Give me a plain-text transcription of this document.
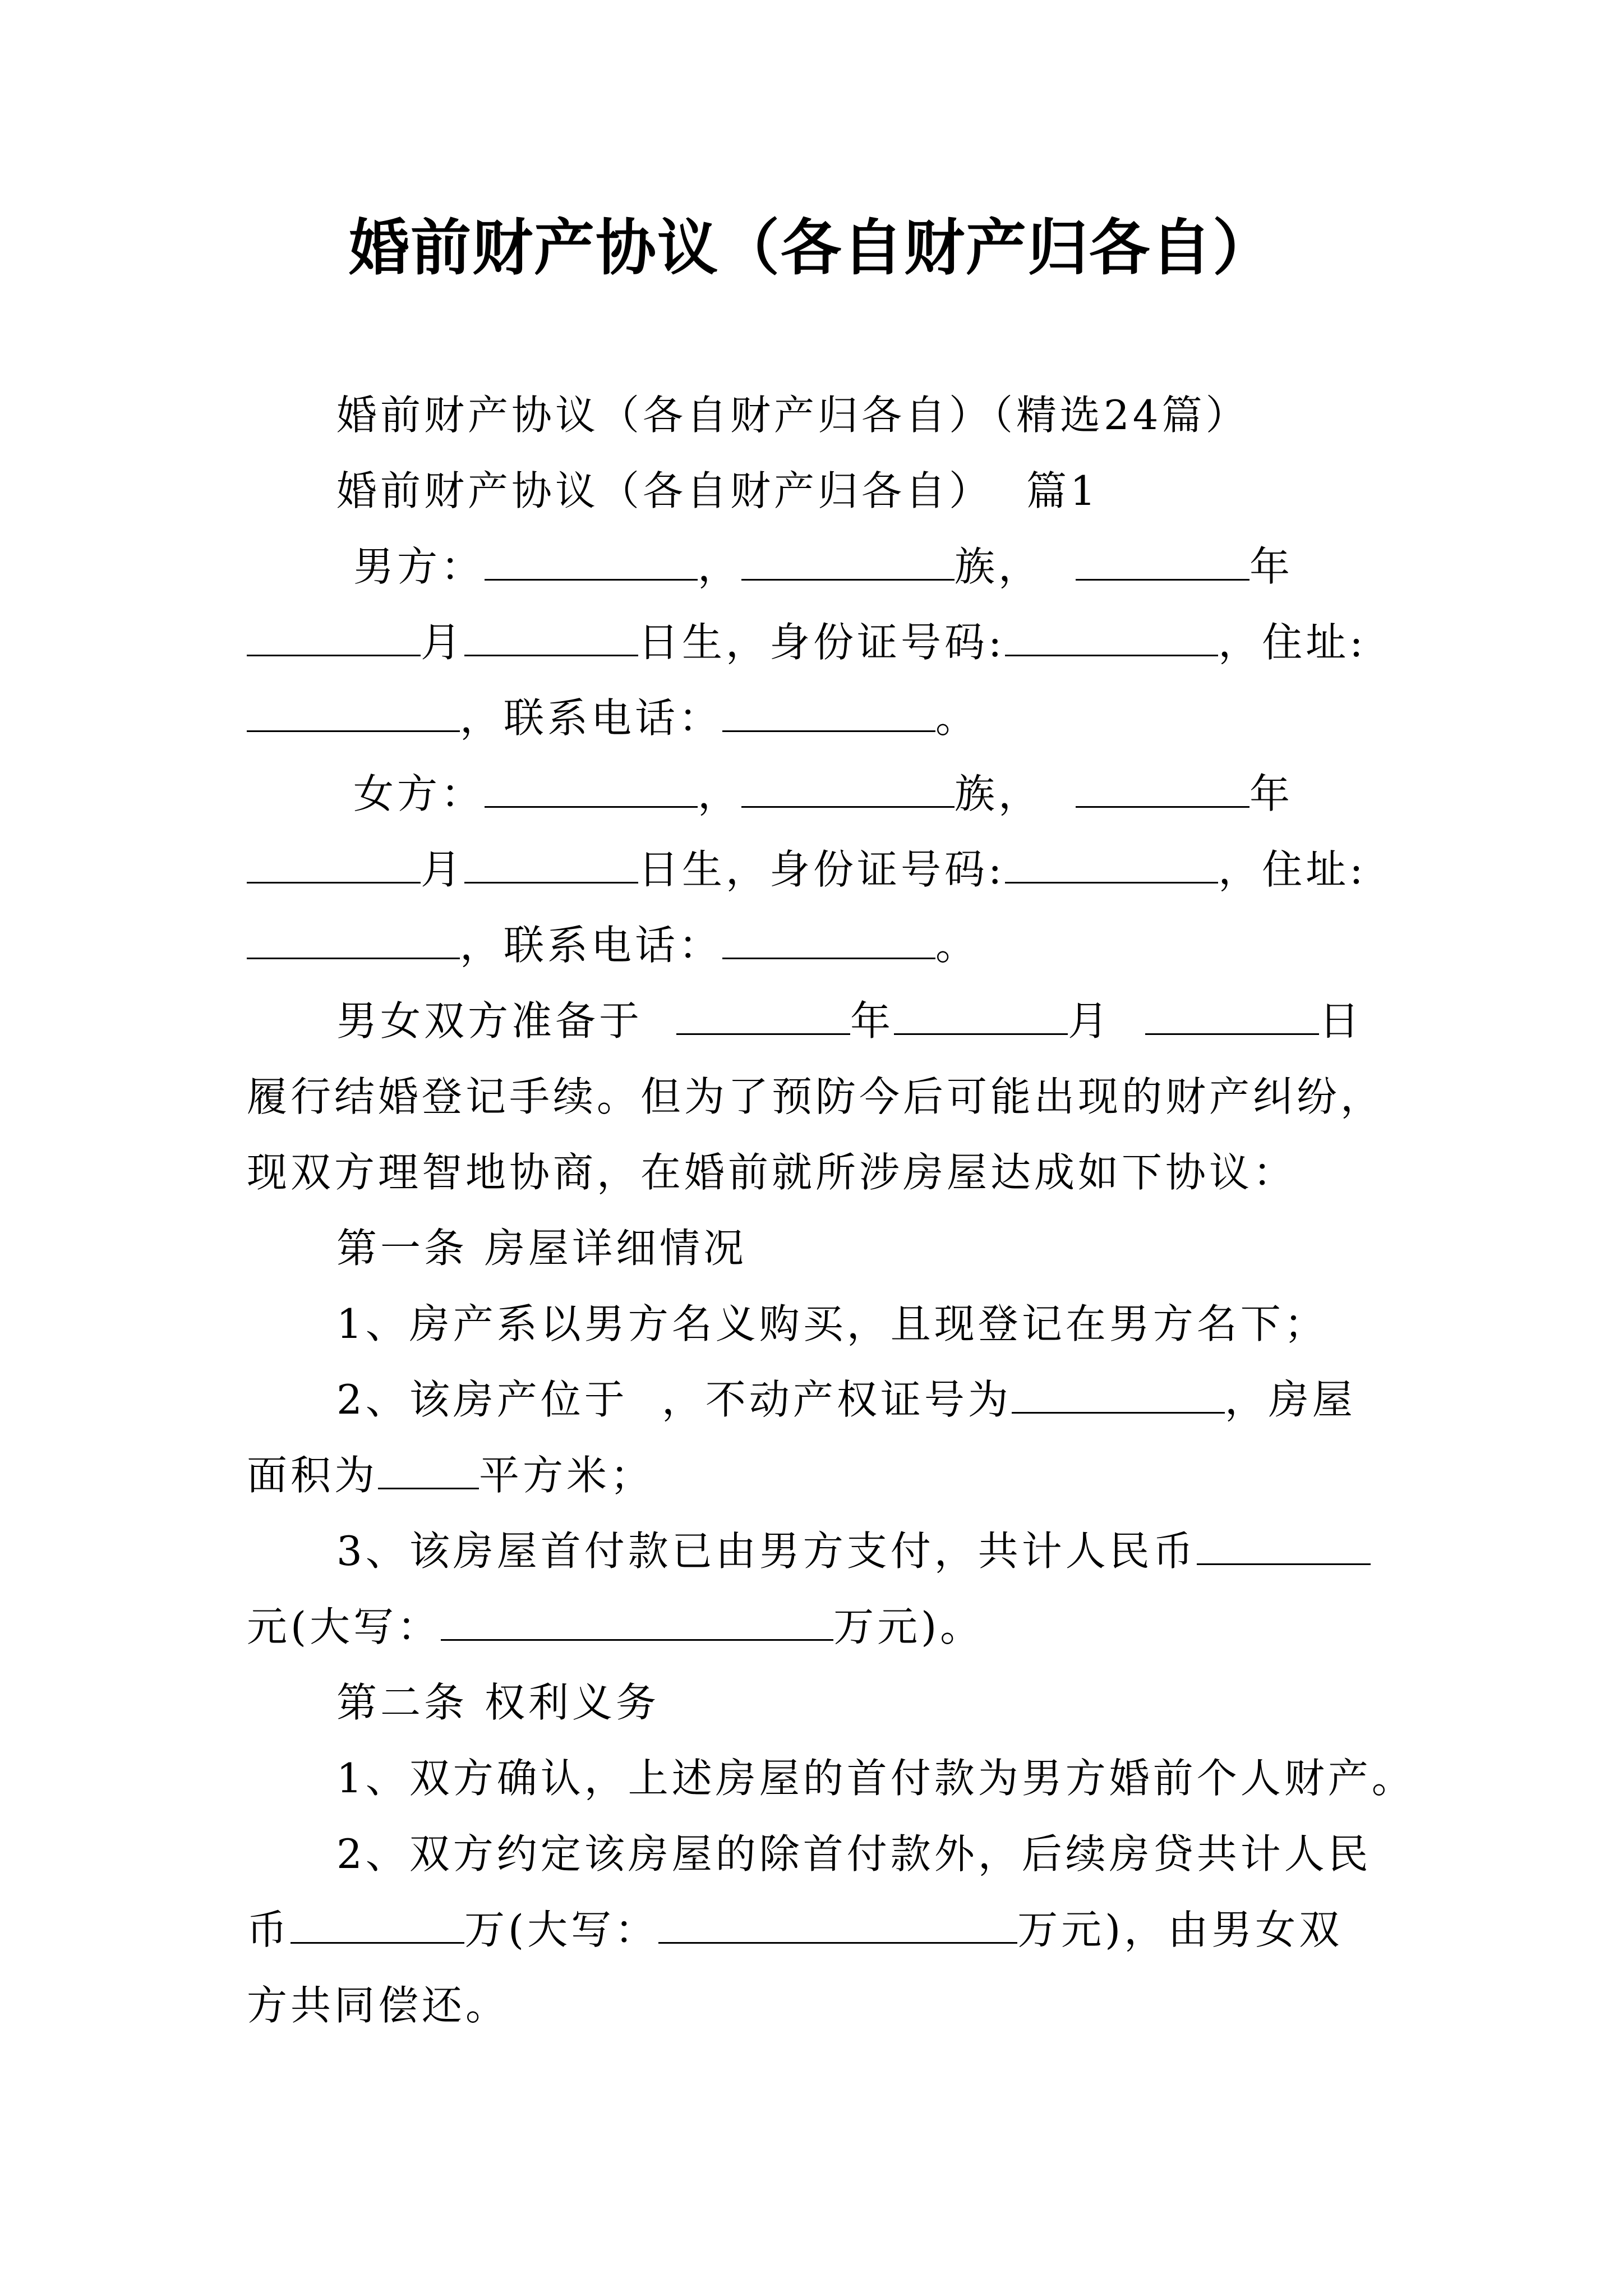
婚前财产协议（各自财产归各自）
婚前财产协议（各自财产归各自）（精选24篇）
婚前财产协议（各自财产归各自） 篇1
男方：	，	族，	年
月	日生，身份证号码:	，住址:
，联系电话：	。
女方：	，	族，	年
月	日生，身份证号码:	，住址:
，联系电话：	。
男女双方准备于	年	月	日
履行结婚登记手续。但为了预防今后可能出现的财产纠纷，
现双方理智地协商，在婚前就所涉房屋达成如下协议：
第一条 房屋详细情况
1、房产系以男方名义购买，且现登记在男方名下；
2、该房产位于 ，不动产权证号为	，房屋
面积为	平方米；
3、该房屋首付款已由男方支付，共计人民币
元(大写：	万元)。
第二条 权利义务
1、双方确认，上述房屋的首付款为男方婚前个人财产。
2、双方约定该房屋的除首付款外，后续房贷共计人民
币	万(大写：	万元)，由男女双
方共同偿还。
